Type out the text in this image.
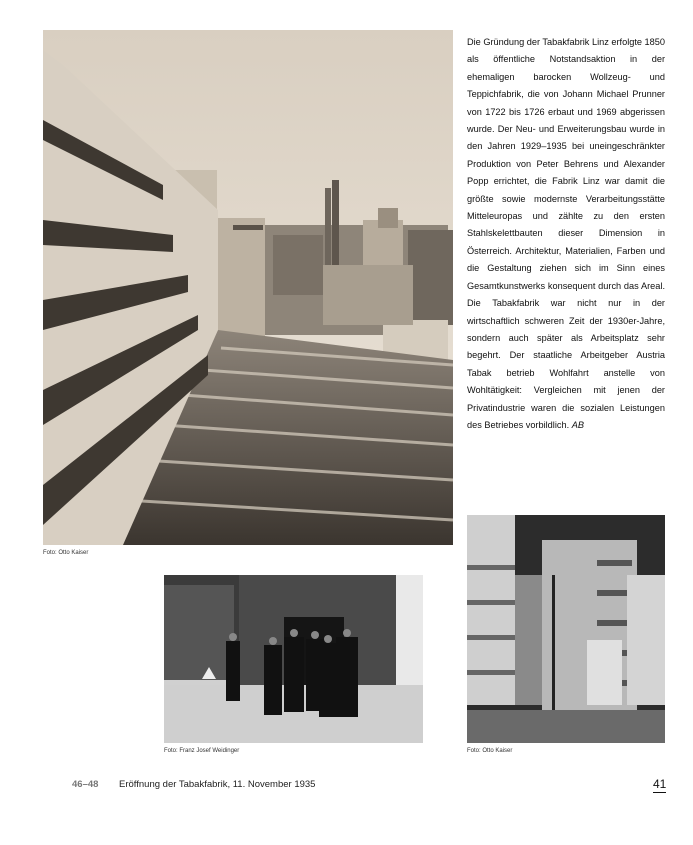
Foto: Otto Kaiser

Die Gründung der Tabakfabrik Linz erfolgte 1850 als öffentliche Notstandsaktion in der ehemaligen barocken Wollzeug- und Teppichfabrik, die von Johann Michael Prunner von 1722 bis 1726 erbaut und 1969 abgerissen wurde. Der Neu- und Erweiterungsbau wurde in den Jahren 1929–1935 bei uneingeschränkter Produktion von Peter Behrens und Alexander Popp errichtet, die Fabrik Linz war damit die größte sowie modernste Verarbeitungsstätte Mitteleuropas und zählte zu den ersten Stahlskelettbauten dieser Dimension in Österreich. Architektur, Materialien, Farben und die Gestaltung ziehen sich im Sinn eines Gesamtkunstwerks konsequent durch das Areal. Die Tabakfabrik war nicht nur in der wirtschaftlich schweren Zeit der 1930er-Jahre, sondern auch später als Arbeitsplatz sehr begehrt. Der staatliche Arbeitgeber Austria Tabak betrieb Wohlfahrt anstelle von Wohltätigkeit: Vergleichen mit jenen der Privatindustrie waren die sozialen Leistungen des Betriebes vorbildlich. AB

Foto: Franz Josef Weidinger	Foto: Otto Kaiser
46–48 Eröffnung der Tabakfabrik, 11. November 1935	41
